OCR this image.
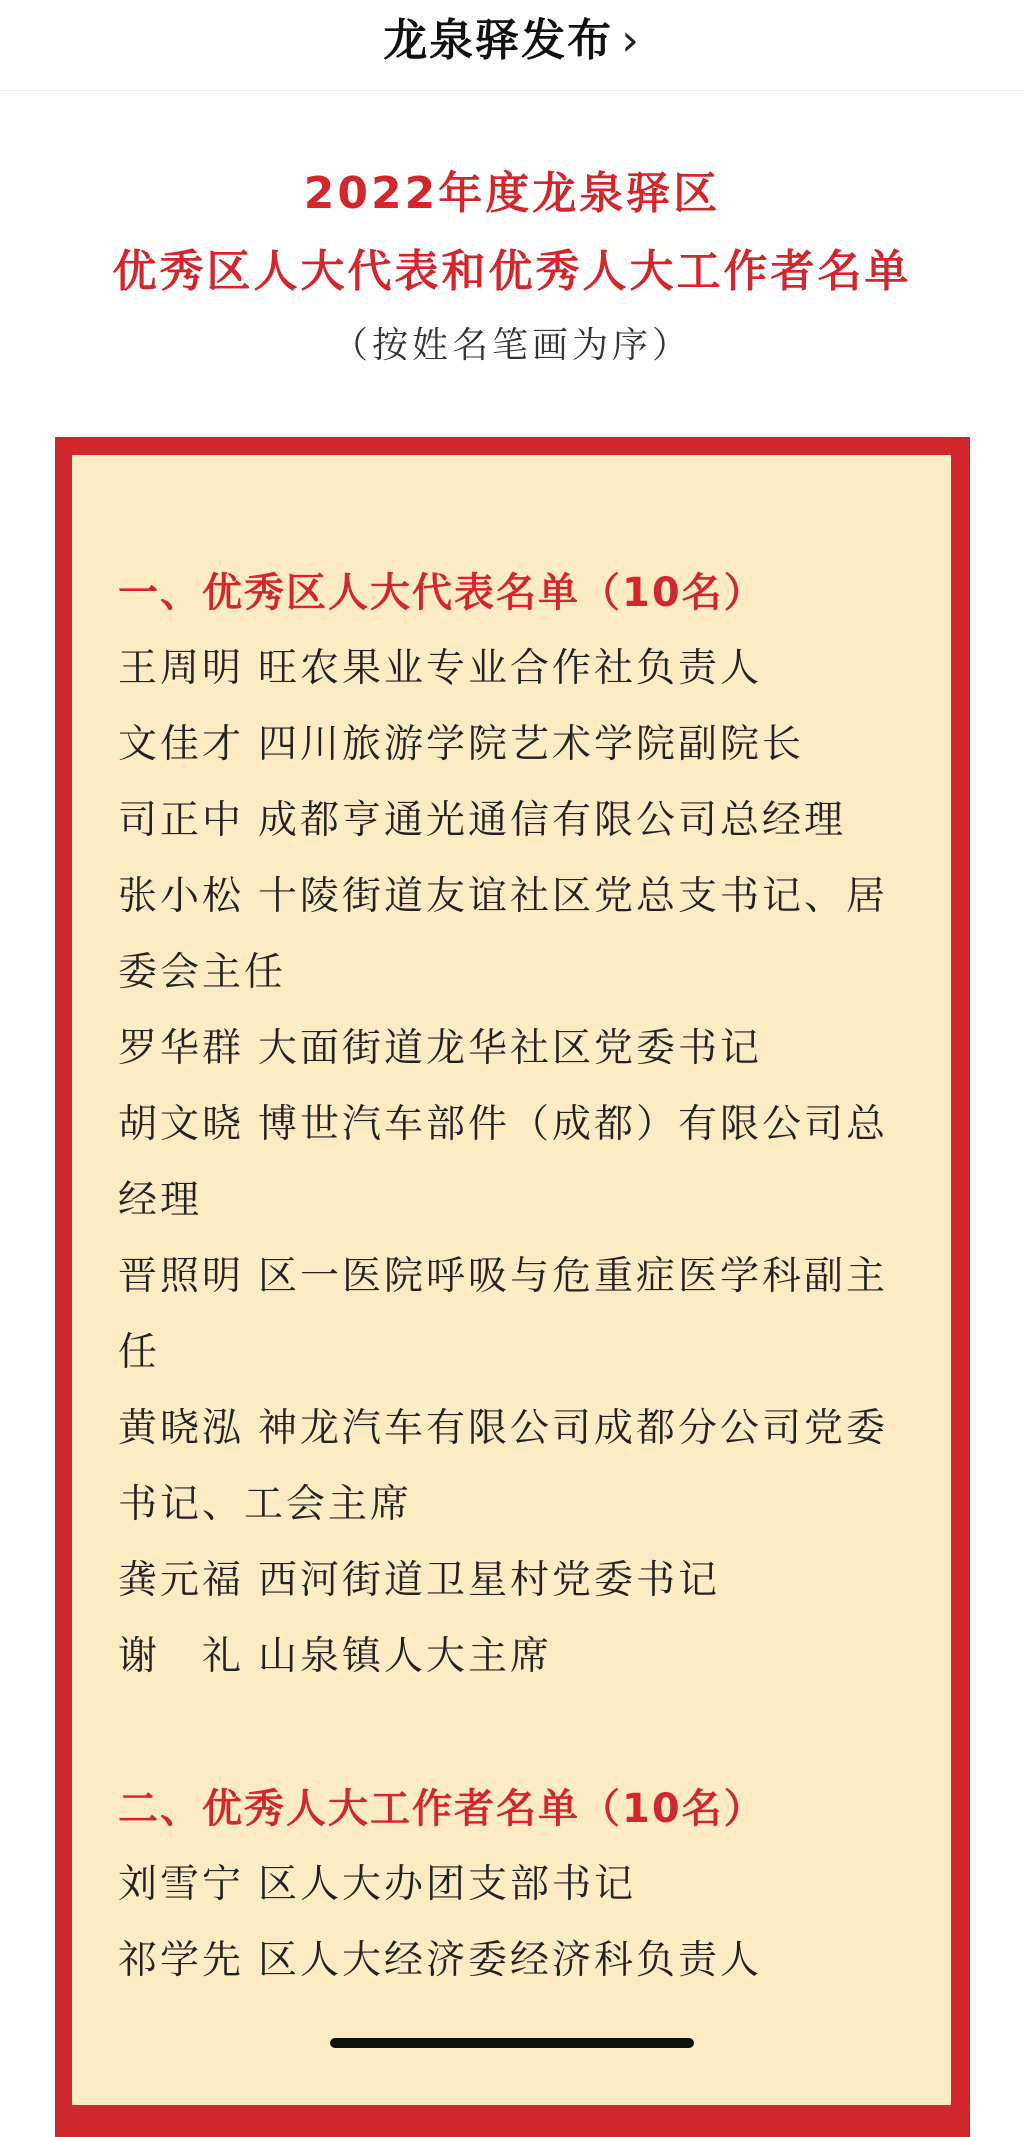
龙泉驿发布 ›
2022年度龙泉驿区
优秀区人大代表和优秀人大工作者名单
（按姓名笔画为序）
一、优秀区人大代表名单（10名）
王周明 旺农果业专业合作社负责人
文佳才 四川旅游学院艺术学院副院长
司正中 成都亨通光通信有限公司总经理
张小松 十陵街道友谊社区党总支书记、居委会主任
罗华群 大面街道龙华社区党委书记
胡文晓 博世汽车部件（成都）有限公司总经理
晋照明 区一医院呼吸与危重症医学科副主任
黄晓泓 神龙汽车有限公司成都分公司党委书记、工会主席
龚元福 西河街道卫星村党委书记
谢　礼 山泉镇人大主席
二、优秀人大工作者名单（10名）
刘雪宁 区人大办团支部书记
祁学先 区人大经济委经济科负责人
